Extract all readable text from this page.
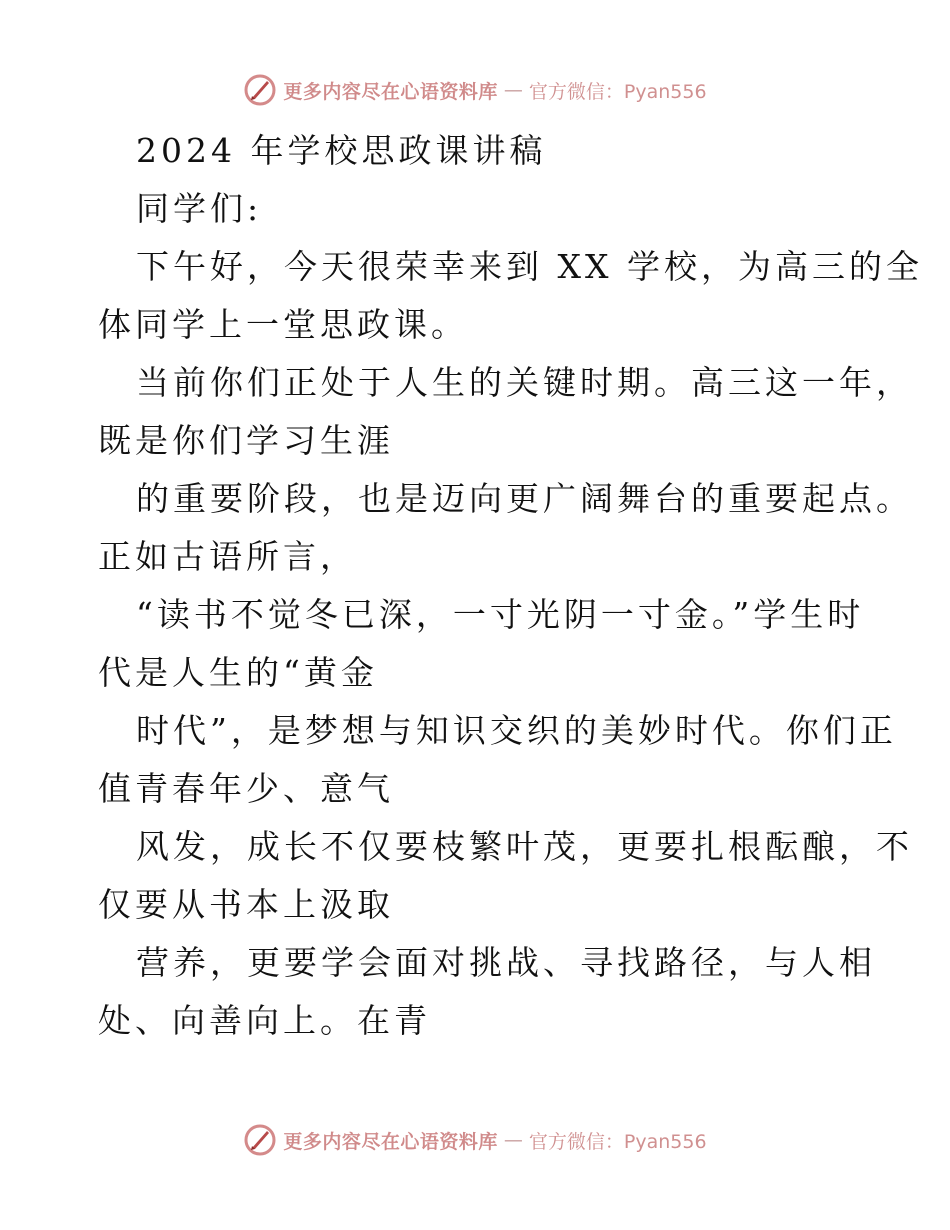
更多内容尽在心语资料库 — 官方微信：Pyan556
2024 年学校思政课讲稿
同学们:
下午好，今天很荣幸来到 XX 学校，为高三的全
体同学上一堂思政课。
当前你们正处于人生的关键时期。高三这一年，
既是你们学习生涯
的重要阶段，也是迈向更广阔舞台的重要起点。
正如古语所言，
“读书不觉冬已深，一寸光阴一寸金。”学生时
代是人生的“黄金
时代”，是梦想与知识交织的美妙时代。你们正
值青春年少、意气
风发，成长不仅要枝繁叶茂，更要扎根酝酿，不
仅要从书本上汲取
营养，更要学会面对挑战、寻找路径，与人相
处、向善向上。在青
更多内容尽在心语资料库 — 官方微信：Pyan556
